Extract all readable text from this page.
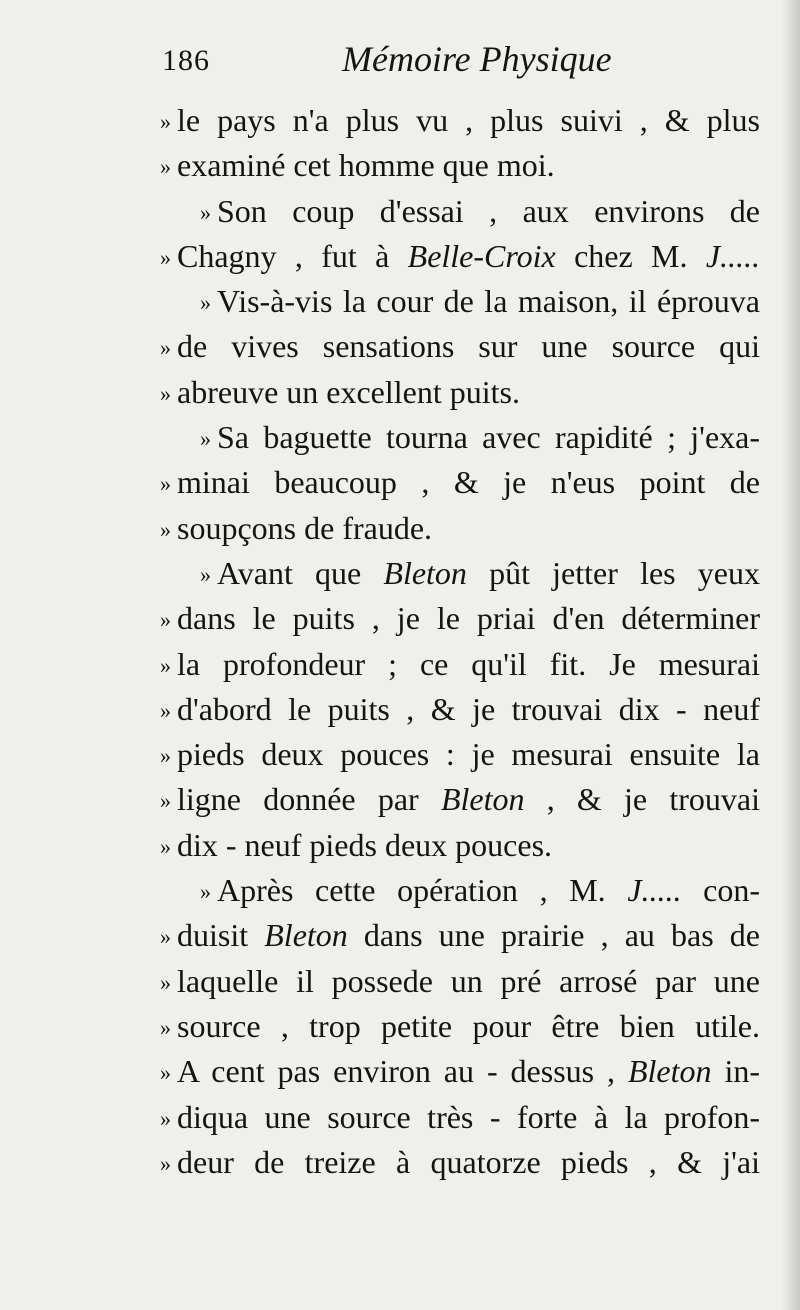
186	Mémoire Physique
» le pays n'a plus vu , plus suivi , & plus
» examiné cet homme que moi.
» Son coup d'essai , aux environs de
» Chagny , fut à Belle-Croix chez M. J.....
» Vis-à-vis la cour de la maison, il éprouva
» de vives sensations sur une source qui
» abreuve un excellent puits.
» Sa baguette tourna avec rapidité ; j'exa-
» minai beaucoup , & je n'eus point de
» soupçons de fraude.
» Avant que Bleton pût jetter les yeux
» dans le puits , je le priai d'en déterminer
» la profondeur ; ce qu'il fit. Je mesurai
» d'abord le puits , & je trouvai dix - neuf
» pieds deux pouces : je mesurai ensuite la
» ligne donnée par Bleton , & je trouvai
» dix - neuf pieds deux pouces.
» Après cette opération , M. J..... con-
» duisit Bleton dans une prairie , au bas de
» laquelle il possede un pré arrosé par une
» source , trop petite pour être bien utile.
» A cent pas environ au - dessus , Bleton in-
» diqua une source très - forte à la profon-
» deur de treize à quatorze pieds , & j'ai
